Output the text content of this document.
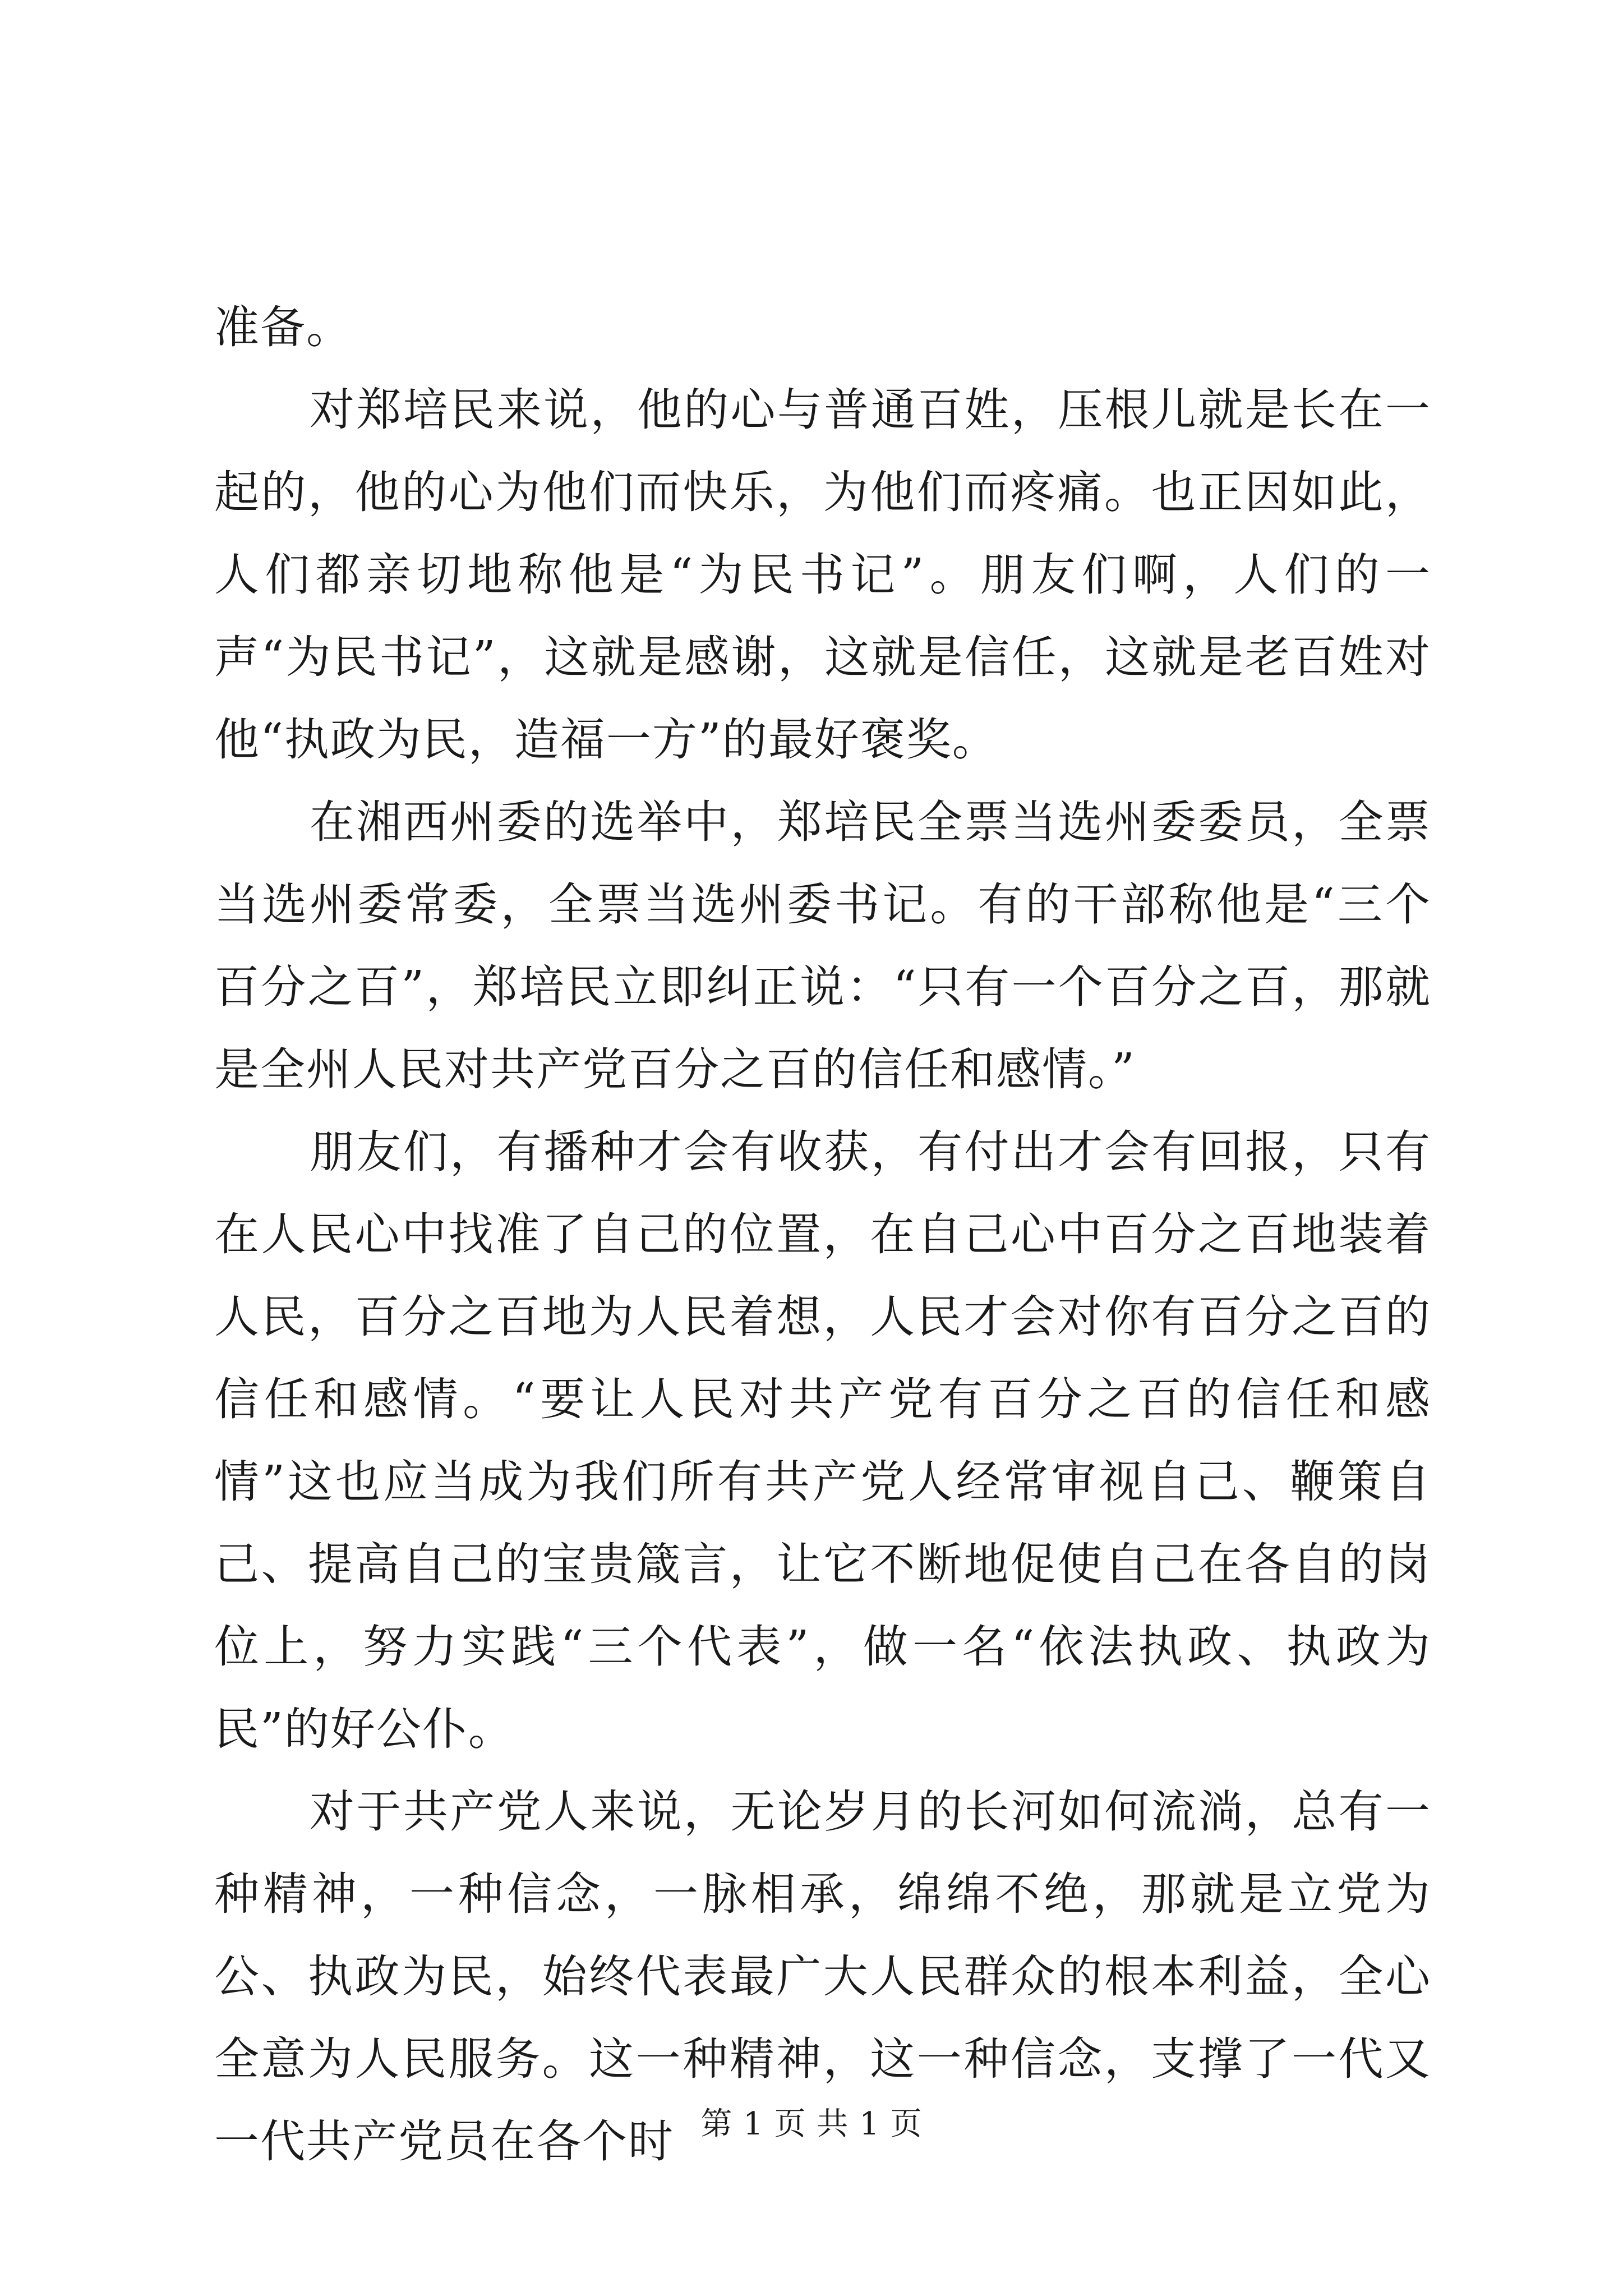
准备。

对郑培民来说，他的心与普通百姓，压根儿就是长在一起的，他的心为他们而快乐，为他们而疼痛。也正因如此，人们都亲切地称他是“为民书记”。朋友们啊，人们的一声“为民书记”，这就是感谢，这就是信任，这就是老百姓对他“执政为民，造福一方”的最好褒奖。

在湘西州委的选举中，郑培民全票当选州委委员，全票当选州委常委，全票当选州委书记。有的干部称他是“三个百分之百”，郑培民立即纠正说：“只有一个百分之百，那就是全州人民对共产党百分之百的信任和感情。”

朋友们，有播种才会有收获，有付出才会有回报，只有在人民心中找准了自己的位置，在自己心中百分之百地装着人民，百分之百地为人民着想，人民才会对你有百分之百的信任和感情。“要让人民对共产党有百分之百的信任和感情”这也应当成为我们所有共产党人经常审视自己、鞭策自己、提高自己的宝贵箴言，让它不断地促使自己在各自的岗位上，努力实践“三个代表”，做一名“依法执政、执政为民”的好公仆。

对于共产党人来说，无论岁月的长河如何流淌，总有一种精神，一种信念，一脉相承，绵绵不绝，那就是立党为公、执政为民，始终代表最广大人民群众的根本利益，全心全意为人民服务。这一种精神，这一种信念，支撑了一代又一代共产党员在各个时 第 1 页 共 1 页
